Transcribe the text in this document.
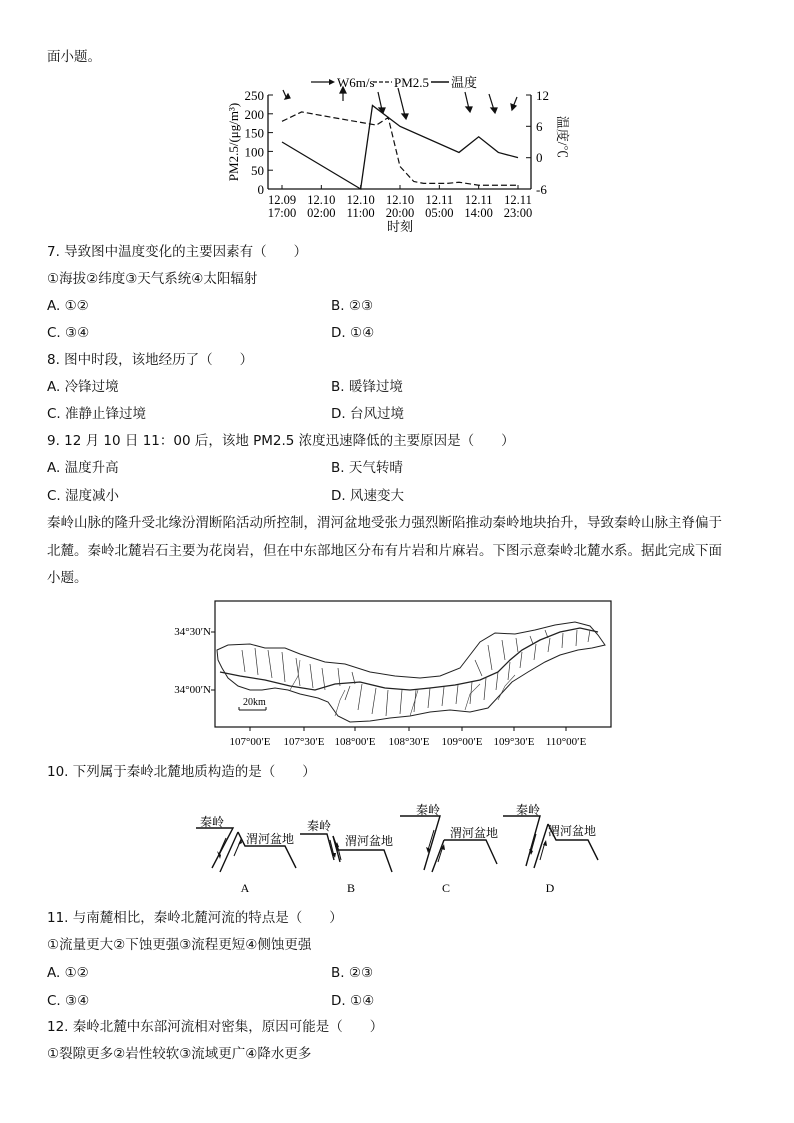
面小题。
250
200
150
100
50
0
12
6
0
-6
PM2.5/(μg/m³)	温度/℃
12.09
17:00
12.10
02:00
12.10
11:00
12.10
20:00
12.11
05:00
12.11
14:00
12.11
23:00
时刻
W6m/s PM2.5 温度
7. 导致图中温度变化的主要因素有（　　）
①海拔②纬度③天气系统④太阳辐射
A. ①②	B. ②③
C. ③④	D. ①④
8. 图中时段，该地经历了（　　）
A. 冷锋过境	B. 暖锋过境
C. 准静止锋过境	D. 台风过境
9. 12 月 10 日 11：00 后，该地 PM2.5 浓度迅速降低的主要原因是（　　）
A. 温度升高	B. 天气转晴
C. 湿度减小	D. 风速变大
秦岭山脉的隆升受北缘汾渭断陷活动所控制，渭河盆地受张力强烈断陷推动秦岭地块抬升，导致秦岭山脉主脊偏于
北麓。秦岭北麓岩石主要为花岗岩，但在中东部地区分布有片岩和片麻岩。下图示意秦岭北麓水系。据此完成下面
小题。
34°30′N
34°00′N
107°00′E 107°30′E 108°00′E 108°30′E 109°00′E 109°30′E 110°00′E
20km
10. 下列属于秦岭北麓地质构造的是（　　）
秦岭
渭河盆地
A
秦岭
渭河盆地
B
秦岭
渭河盆地
C
秦岭
渭河盆地
D
11. 与南麓相比，秦岭北麓河流的特点是（　　）
①流量更大②下蚀更强③流程更短④侧蚀更强
A. ①②	B. ②③
C. ③④	D. ①④
12. 秦岭北麓中东部河流相对密集，原因可能是（　　）
①裂隙更多②岩性较软③流域更广④降水更多
